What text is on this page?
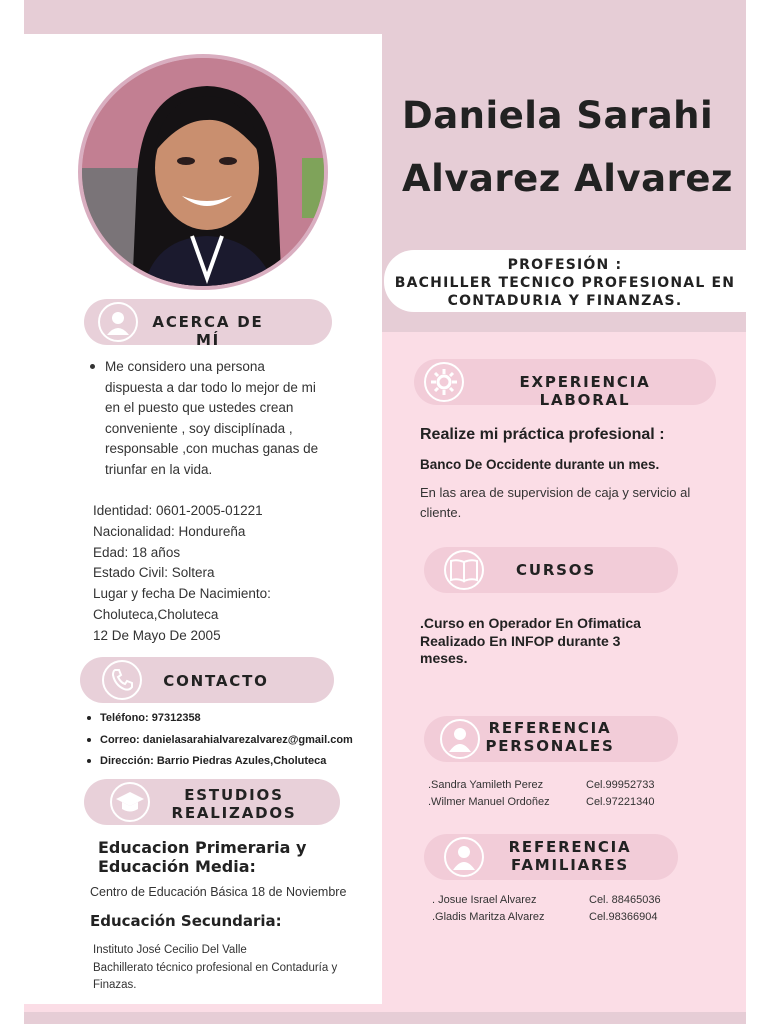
Daniela Sarahi
Alvarez Alvarez
PROFESIÓN :
BACHILLER TECNICO PROFESIONAL EN
CONTADURIA Y FINANZAS.
ACERCA DE MÍ
Me considero una persona
dispuesta a dar todo lo mejor de mi
en el puesto que ustedes crean
conveniente , soy disciplínada ,
responsable ,con muchas ganas de
triunfar en la vida.
Identidad: 0601-2005-01221
Nacionalidad: Hondureña
Edad: 18 años
Estado Civil: Soltera
Lugar y fecha De Nacimiento:
Choluteca,Choluteca
12 De Mayo De 2005
CONTACTO
Teléfono: 97312358
Correo: danielasarahialvarezalvarez@gmail.com
Dirección: Barrio Piedras Azules,Choluteca
ESTUDIOS
REALIZADOS
Educacion Primeraria y
Educación Media:
Centro de Educación Básica 18 de Noviembre
Educación Secundaria:
Instituto José Cecilio Del Valle
Bachillerato técnico profesional en Contaduría y
Finazas.
EXPERIENCIA LABORAL
Realize mi práctica profesional :
Banco De Occidente durante un mes.
En las area de supervision de caja y servicio al
cliente.
CURSOS
.Curso en Operador En Ofimatica
Realizado En INFOP durante 3
meses.
REFERENCIA
PERSONALES
.Sandra Yamileth Perez
.Wilmer Manuel Ordoñez
Cel.99952733
Cel.97221340
REFERENCIA
FAMILIARES
. Josue Israel Alvarez
.Gladis Maritza Alvarez
Cel. 88465036
Cel.98366904
